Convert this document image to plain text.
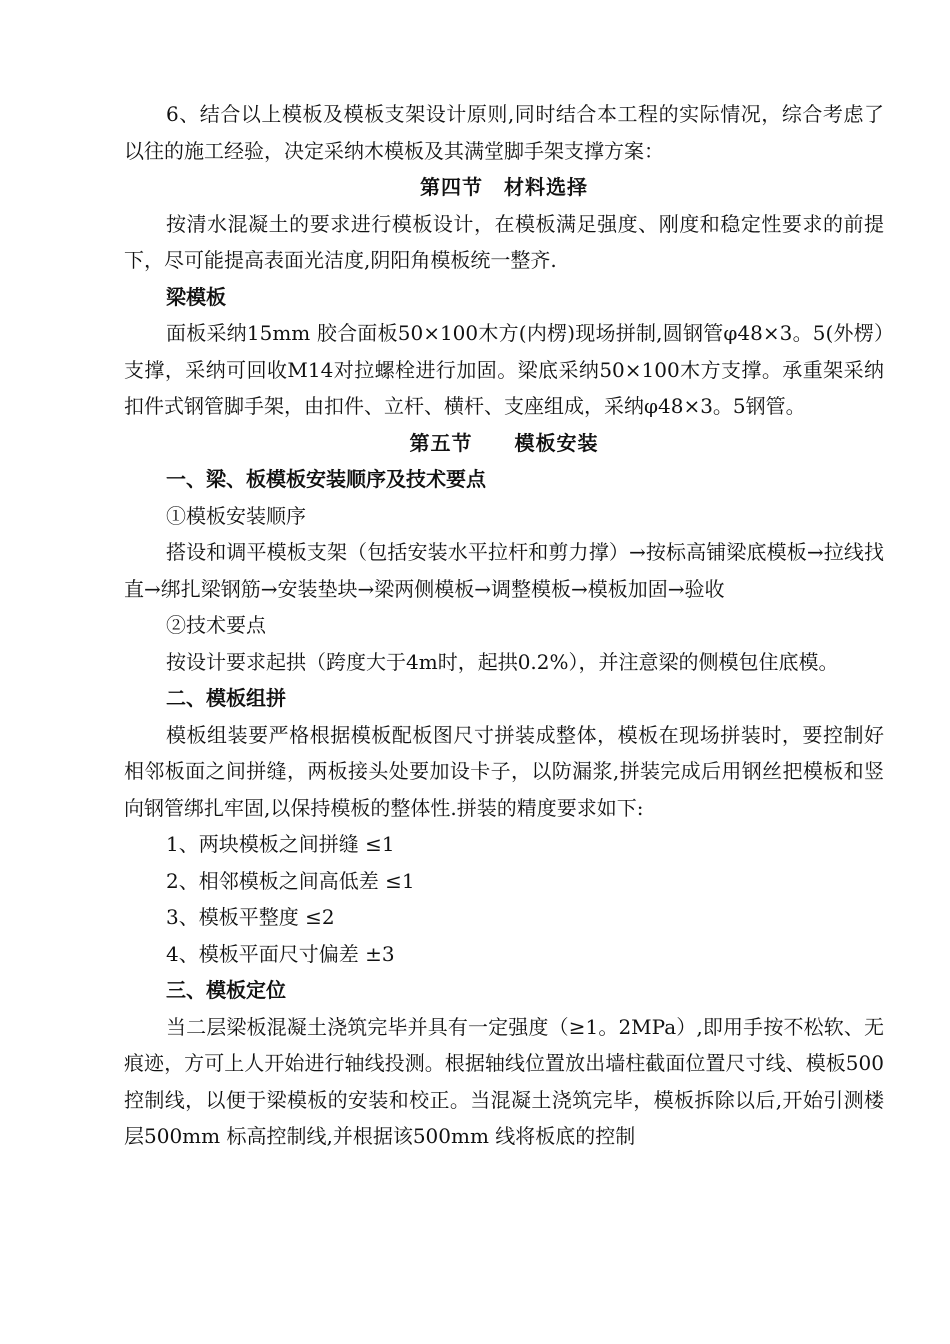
6、结合以上模板及模板支架设计原则,同时结合本工程的实际情况，综合考虑了以往的施工经验，决定采纳木模板及其满堂脚手架支撑方案：

第四节　材料选择

按清水混凝土的要求进行模板设计，在模板满足强度、刚度和稳定性要求的前提下，尽可能提高表面光洁度,阴阳角模板统一整齐.

梁模板

面板采纳15mm 胶合面板50×100木方(内楞)现场拼制,圆钢管φ48×3。5(外楞）支撑，采纳可回收M14对拉螺栓进行加固。梁底采纳50×100木方支撑。承重架采纳扣件式钢管脚手架，由扣件、立杆、横杆、支座组成，采纳φ48×3。5钢管。

第五节　　模板安装

一、梁、板模板安装顺序及技术要点

①模板安装顺序

搭设和调平模板支架（包括安装水平拉杆和剪力撑）→按标高铺梁底模板→拉线找直→绑扎梁钢筋→安装垫块→梁两侧模板→调整模板→模板加固→验收

②技术要点

按设计要求起拱（跨度大于4m时，起拱0.2%），并注意梁的侧模包住底模。

二、模板组拼

模板组装要严格根据模板配板图尺寸拼装成整体，模板在现场拼装时，要控制好相邻板面之间拼缝，两板接头处要加设卡子，以防漏浆,拼装完成后用钢丝把模板和竖向钢管绑扎牢固,以保持模板的整体性.拼装的精度要求如下:

1、两块模板之间拼缝 ≤1

2、相邻模板之间高低差 ≤1

3、模板平整度 ≤2

4、模板平面尺寸偏差 ±3

三、模板定位

当二层梁板混凝土浇筑完毕并具有一定强度（≥1。2MPa）,即用手按不松软、无痕迹，方可上人开始进行轴线投测。根据轴线位置放出墙柱截面位置尺寸线、模板500 控制线，以便于梁模板的安装和校正。当混凝土浇筑完毕，模板拆除以后,开始引测楼层500mm 标高控制线,并根据该500mm 线将板底的控制
